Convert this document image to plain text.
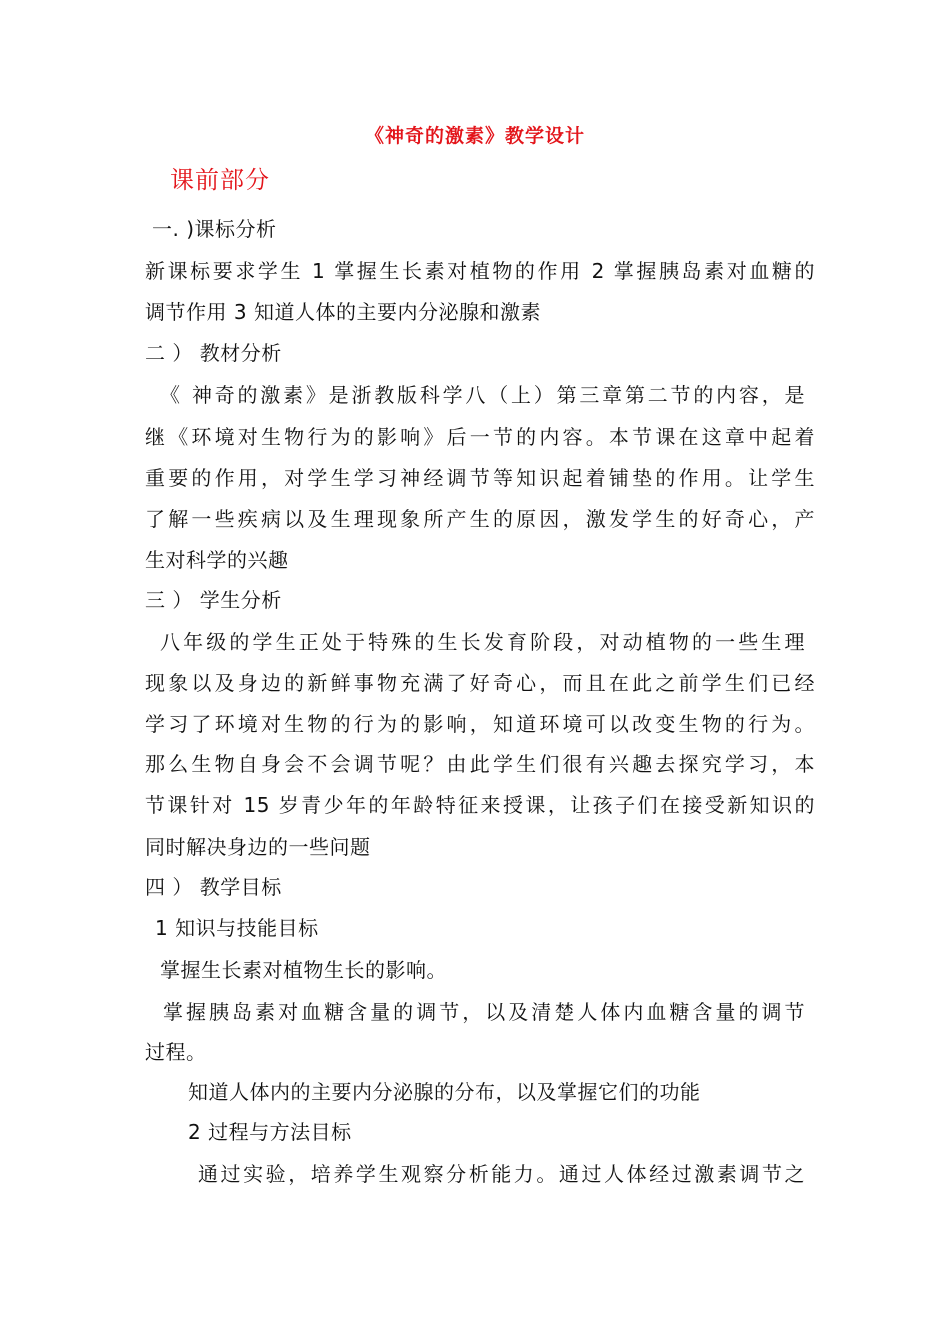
《神奇的激素》教学设计
课前部分
一. )课标分析
新课标要求学生 1 掌握生长素对植物的作用 2 掌握胰岛素对血糖的
调节作用 3 知道人体的主要内分泌腺和激素
二 ） 教材分析
《 神奇的激素》是浙教版科学八（上）第三章第二节的内容，是
继《环境对生物行为的影响》后一节的内容。本节课在这章中起着
重要的作用，对学生学习神经调节等知识起着铺垫的作用。让学生
了解一些疾病以及生理现象所产生的原因，激发学生的好奇心，产
生对科学的兴趣
三 ） 学生分析
八年级的学生正处于特殊的生长发育阶段，对动植物的一些生理
现象以及身边的新鲜事物充满了好奇心，而且在此之前学生们已经
学习了环境对生物的行为的影响，知道环境可以改变生物的行为。
那么生物自身会不会调节呢？由此学生们很有兴趣去探究学习，本
节课针对 15 岁青少年的年龄特征来授课，让孩子们在接受新知识的
同时解决身边的一些问题
四 ） 教学目标
1 知识与技能目标
掌握生长素对植物生长的影响。
掌握胰岛素对血糖含量的调节，以及清楚人体内血糖含量的调节
过程。
知道人体内的主要内分泌腺的分布，以及掌握它们的功能
2 过程与方法目标
通过实验，培养学生观察分析能力。通过人体经过激素调节之
